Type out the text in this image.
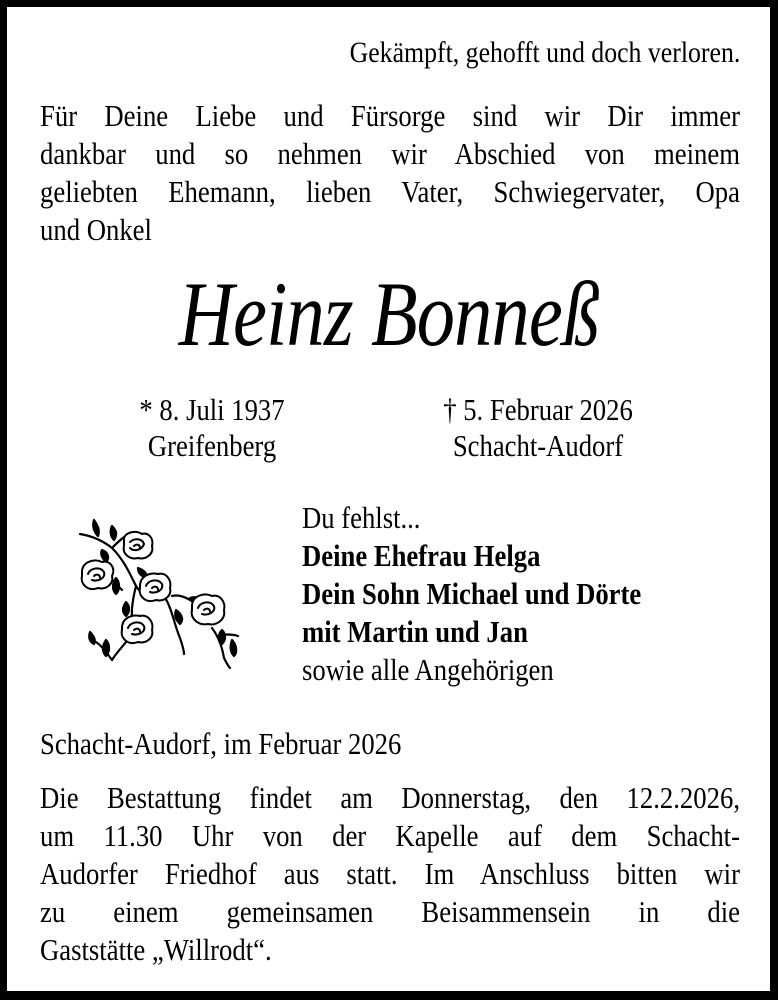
Gekämpft, gehofft und doch verloren.
Für Deine Liebe und Fürsorge sind wir Dir immer
dankbar und so nehmen wir Abschied von meinem
geliebten Ehemann, lieben Vater, Schwiegervater, Opa
und Onkel
Heinz Bonneß
* 8. Juli 1937
Greifenberg
† 5. Februar 2026
Schacht-Audorf
Du fehlst...
Deine Ehefrau Helga
Dein Sohn Michael und Dörte
mit Martin und Jan
sowie alle Angehörigen
Schacht-Audorf, im Februar 2026
Die Bestattung findet am Donnerstag, den 12.2.2026,
um 11.30 Uhr von der Kapelle auf dem Schacht-
Audorfer Friedhof aus statt. Im Anschluss bitten wir
zu einem gemeinsamen Beisammensein in die
Gaststätte „Willrodt“.
